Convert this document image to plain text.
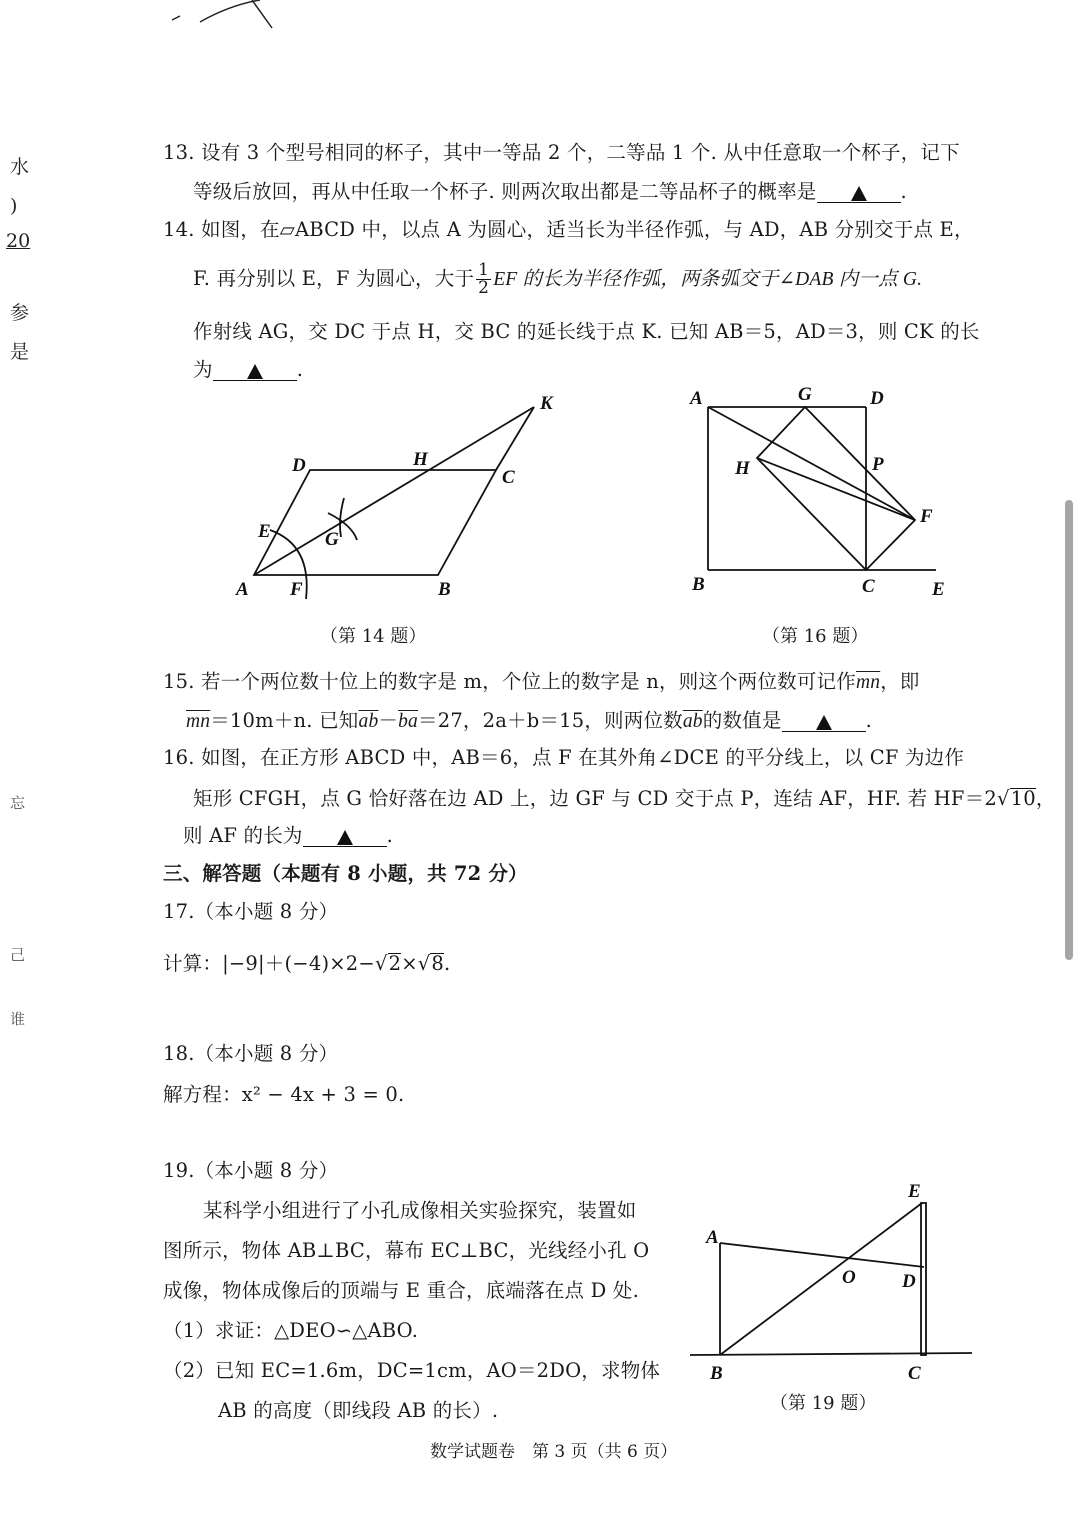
水
)
20
参
是
忘
己
谁
13. 设有 3 个型号相同的杯子，其中一等品 2 个，二等品 1 个. 从中任意取一个杯子，记下
等级后放回，再从中任取一个杯子. 则两次取出都是二等品杯子的概率是	.
14. 如图，在▱ABCD 中，以点 A 为圆心，适当长为半径作弧，与 AD，AB 分别交于点 E，
F. 再分别以 E，F 为圆心，大于 $\frac{1}{2}$ EF 的长为半径作弧，两条弧交于∠DAB 内一点 G.
作射线 AG，交 DC 于点 H，交 BC 的延长线于点 K. 已知 AB＝5，AD＝3，则 CK 的长
为	.
A	B
C
D
E
F
G
H
K
（第 14 题）
A	G	D
H	P
F
B	C	E
（第 16 题）
15. 若一个两位数十位上的数字是 m，个位上的数字是 n，则这个两位数可记作$\overline{mn}$，即
$\overline{mn}=10m+n$. 已知$\overline{ab}-\overline{ba}=27$，2a＋b＝15，则两位数$\overline{ab}$的数值是	.
16. 如图，在正方形 ABCD 中，AB＝6，点 F 在其外角∠DCE 的平分线上，以 CF 为边作
矩形 CFGH，点 G 恰好落在边 AD 上，边 GF 与 CD 交于点 P，连结 AF，HF. 若 HF＝2√10，
则 AF 的长为	.
三、解答题（本题有 8 小题，共 72 分）
17.（本小题 8 分）
计算：|−9|＋(−4)×2−√2×√8.
18.（本小题 8 分）
解方程：x² − 4x + 3 = 0.
19.（本小题 8 分）
某科学小组进行了小孔成像相关实验探究，装置如
图所示，物体 AB⊥BC，幕布 EC⊥BC，光线经小孔 O
成像，物体成像后的顶端与 E 重合，底端落在点 D 处.
（1）求证：△DEO∽△ABO.
（2）已知 EC=1.6m，DC=1cm，AO＝2DO，求物体
AB 的高度（即线段 AB 的长）.
A
E
O D
B	C
（第 19 题）
数学试题卷　第 3 页（共 6 页）
